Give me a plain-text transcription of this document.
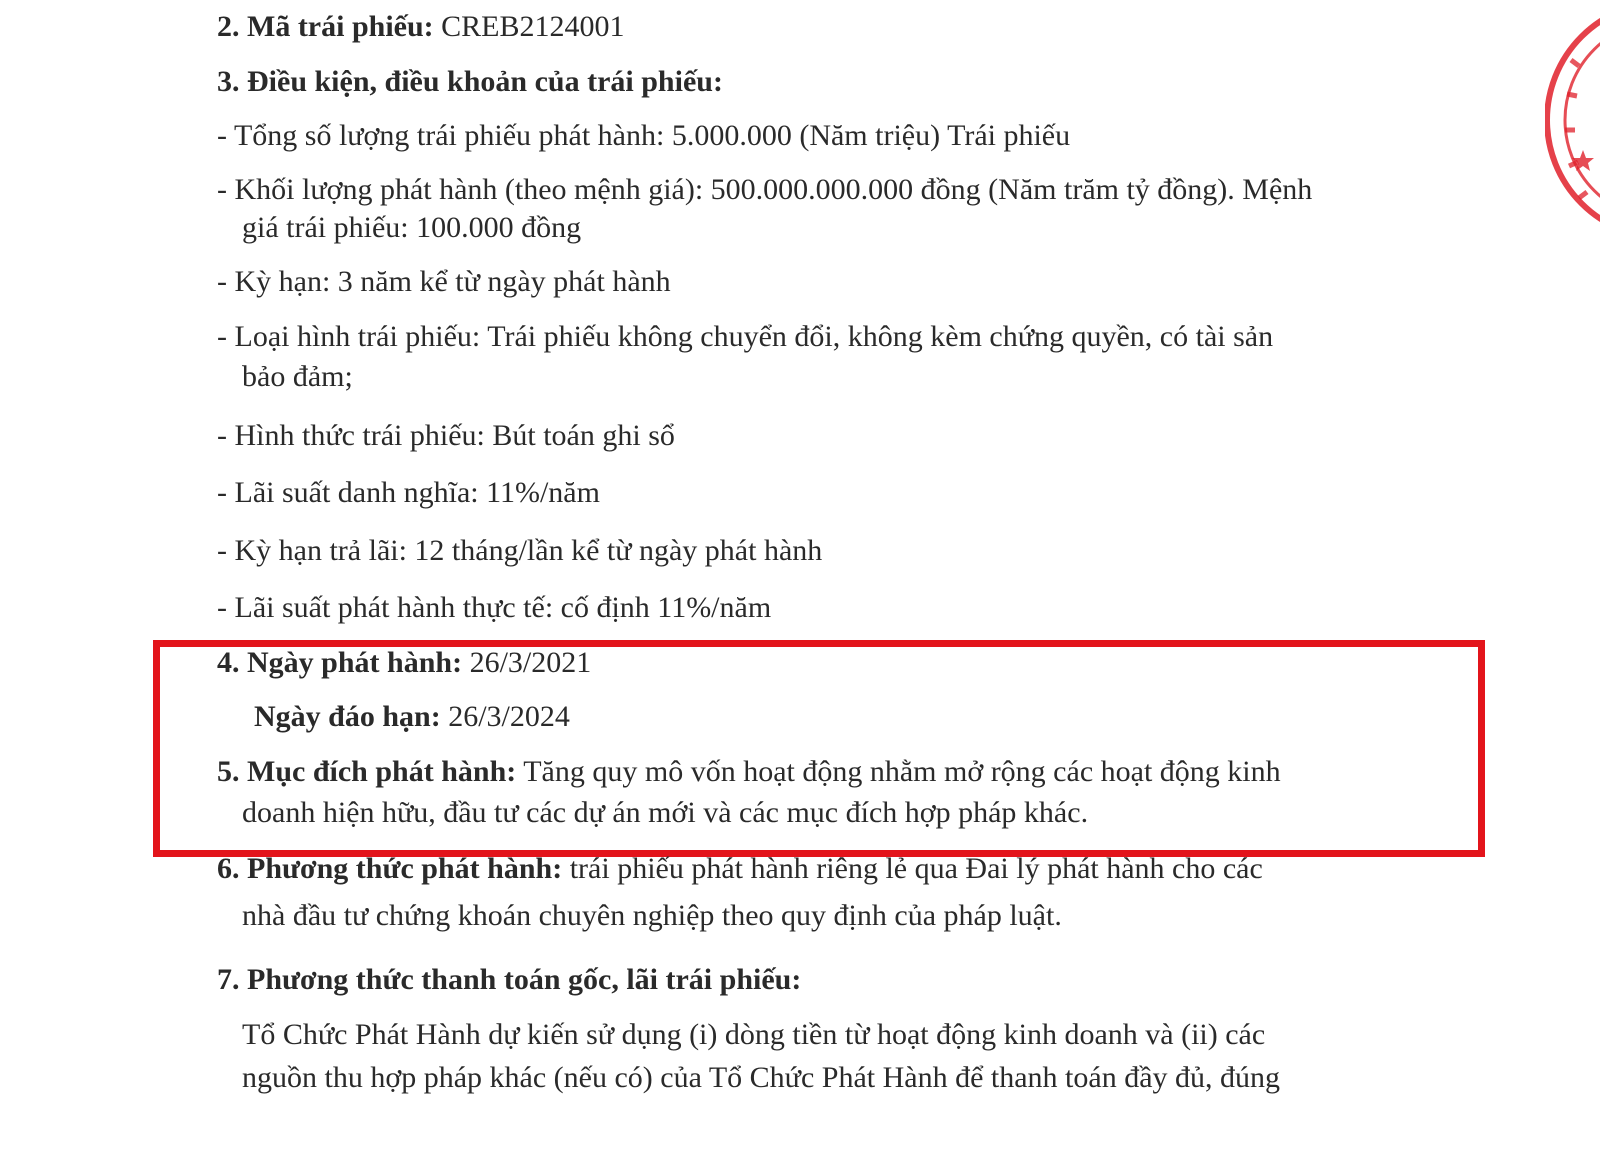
2. Mã trái phiếu: CREB2124001
3. Điều kiện, điều khoản của trái phiếu:
- Tổng số lượng trái phiếu phát hành: 5.000.000 (Năm triệu) Trái phiếu
- Khối lượng phát hành (theo mệnh giá): 500.000.000.000 đồng (Năm trăm tỷ đồng). Mệnh
giá trái phiếu: 100.000 đồng
- Kỳ hạn: 3 năm kể từ ngày phát hành
- Loại hình trái phiếu: Trái phiếu không chuyển đổi, không kèm chứng quyền, có tài sản
bảo đảm;
- Hình thức trái phiếu: Bút toán ghi sổ
- Lãi suất danh nghĩa: 11%/năm
- Kỳ hạn trả lãi: 12 tháng/lần kể từ ngày phát hành
- Lãi suất phát hành thực tế: cố định 11%/năm
4. Ngày phát hành: 26/3/2021
Ngày đáo hạn: 26/3/2024
5. Mục đích phát hành: Tăng quy mô vốn hoạt động nhằm mở rộng các hoạt động kinh
doanh hiện hữu, đầu tư các dự án mới và các mục đích hợp pháp khác.
6. Phương thức phát hành: trái phiếu phát hành riêng lẻ qua Đai lý phát hành cho các
nhà đầu tư chứng khoán chuyên nghiệp theo quy định của pháp luật.
7. Phương thức thanh toán gốc, lãi trái phiếu:
Tổ Chức Phát Hành dự kiến sử dụng (i) dòng tiền từ hoạt động kinh doanh và (ii) các
nguồn thu hợp pháp khác (nếu có) của Tổ Chức Phát Hành để thanh toán đầy đủ, đúng
